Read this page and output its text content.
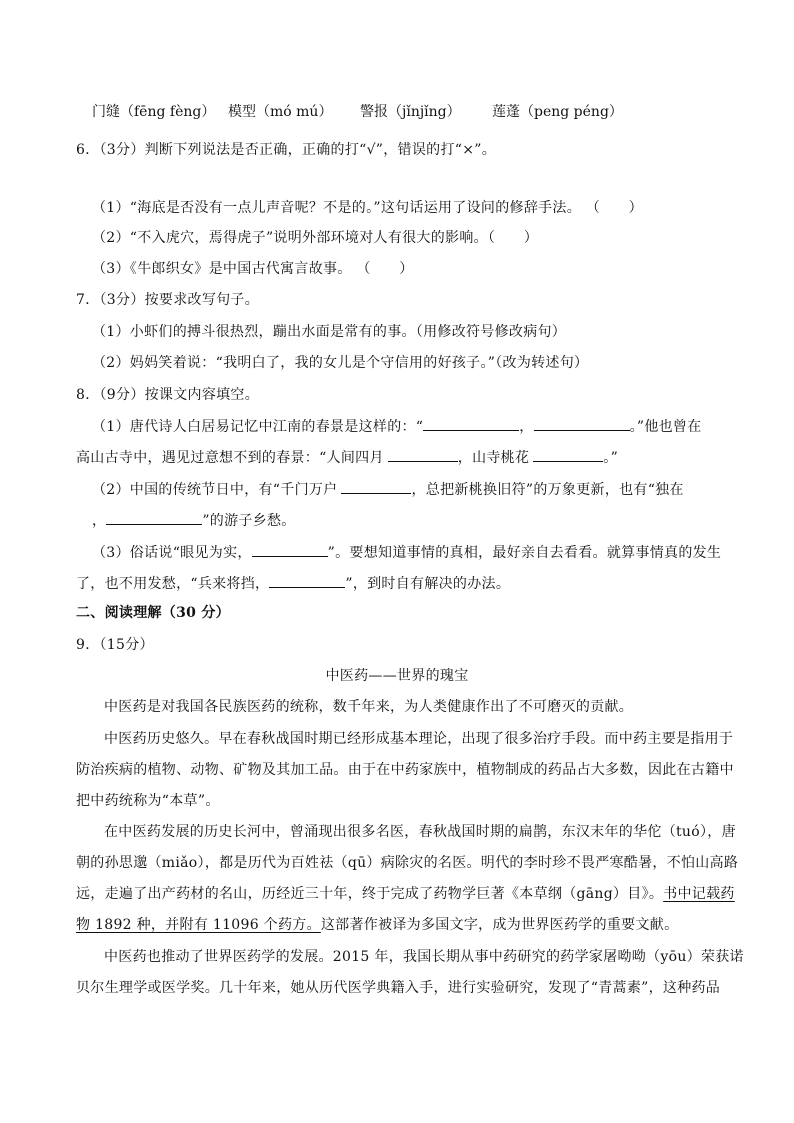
门缝（fēng fèng） 模型（mó mú） 警报（jǐnjǐng） 莲蓬（peng péng）
6．（3分）判断下列说法是否正确，正确的打“√”，错误的打“×”。
（1）“海底是否没有一点儿声音呢？不是的。”这句话运用了设问的修辞手法。 （　　）
（2）“不入虎穴，焉得虎子”说明外部环境对人有很大的影响。（　　）
（3）《牛郎织女》是中国古代寓言故事。 （　　）
7．（3分）按要求改写句子。
（1）小虾们的搏斗很热烈，蹦出水面是常有的事。（用修改符号修改病句）
（2）妈妈笑着说：“我明白了，我的女儿是个守信用的好孩子。”（改为转述句）
8．（9分）按课文内容填空。
（1）唐代诗人白居易记忆中江南的春景是这样的：“	，	。”他也曾在
高山古寺中，遇见过意想不到的春景：“人间四月	，山寺桃花	。”
（2）中国的传统节日中，有“千门万户	，总把新桃换旧符”的万象更新，也有“独在
，	”的游子乡愁。
（3）俗话说“眼见为实，	”。要想知道事情的真相，最好亲自去看看。就算事情真的发生
了，也不用发愁，“兵来将挡，	”，到时自有解决的办法。
二、阅读理解（30 分）
9．（15分）
中医药——世界的瑰宝
中医药是对我国各民族医药的统称，数千年来，为人类健康作出了不可磨灭的贡献。
中医药历史悠久。早在春秋战国时期已经形成基本理论，出现了很多治疗手段。而中药主要是指用于
防治疾病的植物、动物、矿物及其加工品。由于在中药家族中，植物制成的药品占大多数，因此在古籍中
把中药统称为“本草”。
在中医药发展的历史长河中，曾涌现出很多名医，春秋战国时期的扁鹊，东汉末年的华佗（tuó），唐
朝的孙思邈（miǎo），都是历代为百姓祛（qū）病除灾的名医。明代的李时珍不畏严寒酷暑，不怕山高路
远，走遍了出产药材的名山，历经近三十年，终于完成了药物学巨著《本草纲（gāng）目》。书中记载药
物 1892 种，并附有 11096 个药方。这部著作被译为多国文字，成为世界医药学的重要文献。
中医药也推动了世界医药学的发展。2015 年，我国长期从事中药研究的药学家屠呦呦（yōu）荣获诺
贝尔生理学或医学奖。几十年来，她从历代医学典籍入手，进行实验研究，发现了“青蒿素”，这种药品
